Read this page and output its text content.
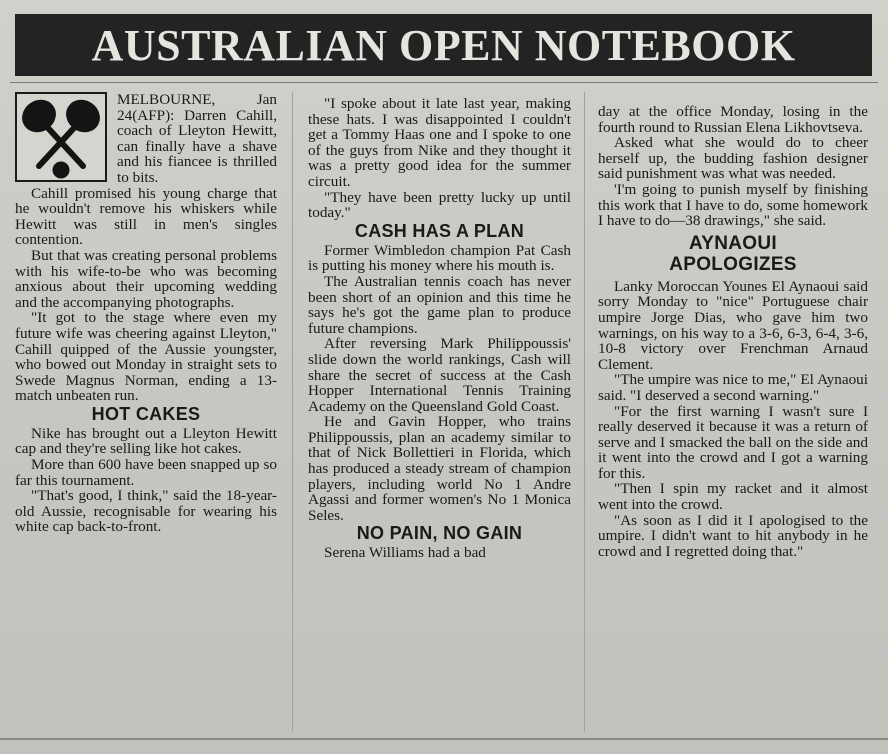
AUSTRALIAN OPEN NOTEBOOK

MELBOURNE, Jan 24(AFP): Darren Cahill, coach of Lleyton Hewitt, can finally have a shave and his fiancee is thrilled to bits.

Cahill promised his young charge that he wouldn't remove his whiskers while Hewitt was still in men's singles contention.

But that was creating personal problems with his wife-to-be who was becoming anxious about their upcoming wedding and the accompanying photographs.

"It got to the stage where even my future wife was cheering against Lleyton," Cahill quipped of the Aussie youngster, who bowed out Monday in straight sets to Swede Magnus Norman, ending a 13-match unbeaten run.

HOT CAKES

Nike has brought out a Lleyton Hewitt cap and they're selling like hot cakes.

More than 600 have been snapped up so far this tournament.

"That's good, I think," said the 18-year-old Aussie, recognisable for wearing his white cap back-to-front.

"I spoke about it late last year, making these hats. I was disappointed I couldn't get a Tommy Haas one and I spoke to one of the guys from Nike and they thought it was a pretty good idea for the summer circuit.

"They have been pretty lucky up until today."

CASH HAS A PLAN

Former Wimbledon champion Pat Cash is putting his money where his mouth is.

The Australian tennis coach has never been short of an opinion and this time he says he's got the game plan to produce future champions.

After reversing Mark Philippoussis' slide down the world rankings, Cash will share the secret of success at the Cash Hopper International Tennis Training Academy on the Queensland Gold Coast.

He and Gavin Hopper, who trains Philippoussis, plan an academy similar to that of Nick Bollettieri in Florida, which has produced a steady stream of champion players, including world No 1 Andre Agassi and former women's No 1 Monica Seles.

NO PAIN, NO GAIN

Serena Williams had a bad

day at the office Monday, losing in the fourth round to Russian Elena Likhovtseva.

Asked what she would do to cheer herself up, the budding fashion designer said punishment was what was needed.

'I'm going to punish myself by finishing this work that I have to do, some homework I have to do—38 drawings," she said.

AYNAOUI
APOLOGIZES

Lanky Moroccan Younes El Aynaoui said sorry Monday to "nice" Portuguese chair umpire Jorge Dias, who gave him two warnings, on his way to a 3-6, 6-3, 6-4, 3-6, 10-8 victory over Frenchman Arnaud Clement.

"The umpire was nice to me," El Aynaoui said. "I deserved a second warning."

"For the first warning I wasn't sure I really deserved it because it was a return of serve and I smacked the ball on the side and it went into the crowd and I got a warning for this.

"Then I spin my racket and it almost went into the crowd.

"As soon as I did it I apologised to the umpire. I didn't want to hit anybody in he crowd and I regretted doing that."
